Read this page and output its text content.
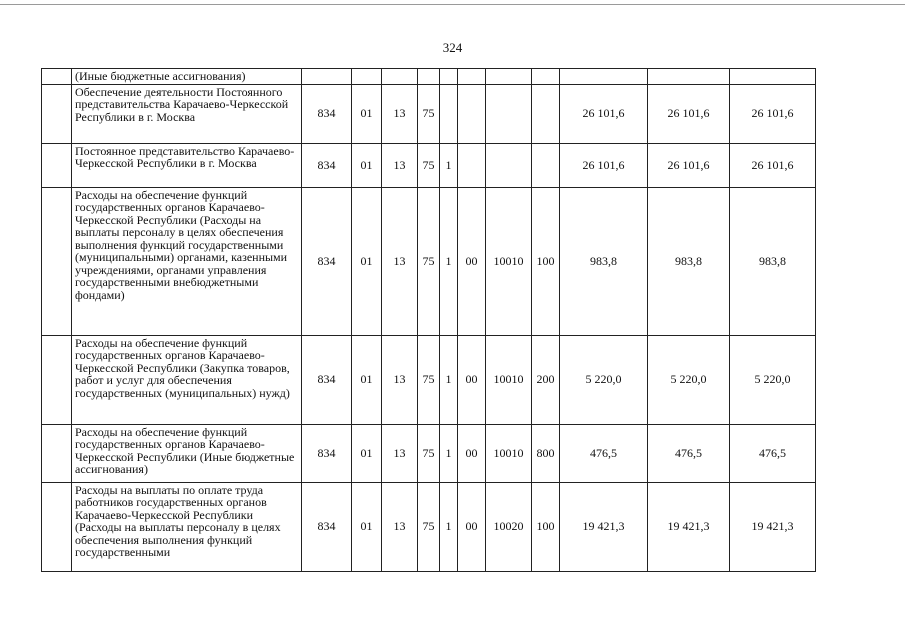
324
	(Иные бюджетные ассигнования)											
	Обеспечение деятельности Постоянного представительства Карачаево-Черкесской Республики в г. Москва	834	01	13	75					26 101,6	26 101,6	26 101,6
	Постоянное представительство Карачаево-Черкесской Республики в г. Москва	834	01	13	75	1				26 101,6	26 101,6	26 101,6
	Расходы на обеспечение функций государственных органов Карачаево-Черкесской Республики (Расходы на выплаты персоналу в целях обеспечения выполнения функций государственными (муниципальными) органами, казенными учреждениями, органами управления государственными внебюджетными фондами)	834	01	13	75	1	00	10010	100	983,8	983,8	983,8
	Расходы на обеспечение функций государственных органов Карачаево-Черкесской Республики (Закупка товаров, работ и услуг для обеспечения государственных (муниципальных) нужд)	834	01	13	75	1	00	10010	200	5 220,0	5 220,0	5 220,0
	Расходы на обеспечение функций государственных органов Карачаево-Черкесской Республики (Иные бюджетные ассигнования)	834	01	13	75	1	00	10010	800	476,5	476,5	476,5
	Расходы на выплаты по оплате труда работников государственных органов Карачаево-Черкесской Республики (Расходы на выплаты персоналу в целях обеспечения выполнения функций государственными	834	01	13	75	1	00	10020	100	19 421,3	19 421,3	19 421,3
